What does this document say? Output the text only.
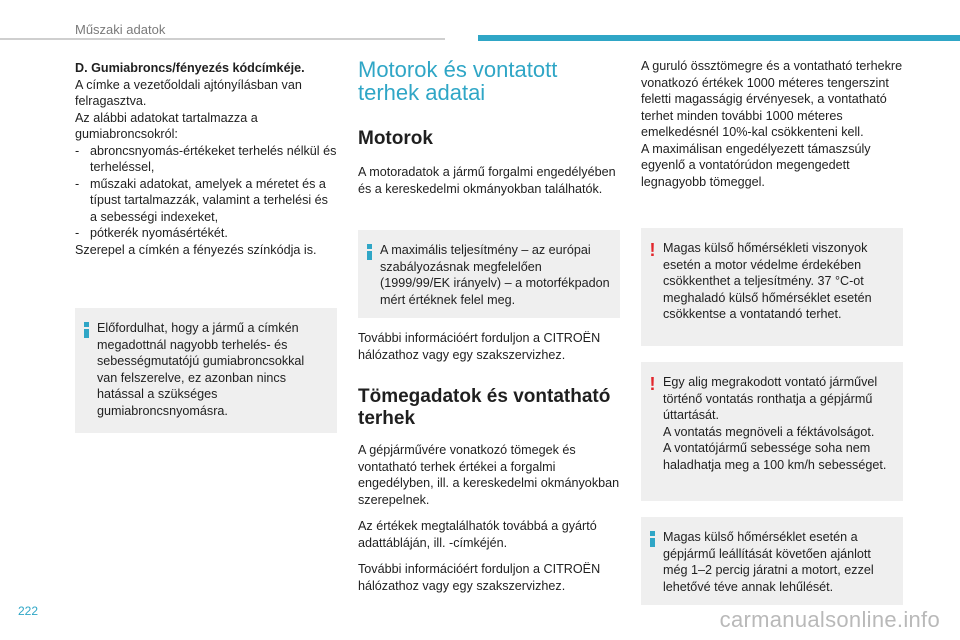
Műszaki adatok

D. Gumiabroncs/fényezés kódcímkéje.

A címke a vezetőoldali ajtónyílásban van felragasztva.

Az alábbi adatokat tartalmazza a gumiabroncsokról:

- abroncsnyomás-értékeket terhelés nélkül és terheléssel,
- műszaki adatokat, amelyek a méretet és a típust tartalmazzák, valamint a terhelési és a sebességi indexeket,
- pótkerék nyomásértékét.

Szerepel a címkén a fényezés színkódja is.

Előfordulhat, hogy a jármű a címkén megadottnál nagyobb terhelés- és sebességmutatójú gumiabroncsokkal van felszerelve, ez azonban nincs hatással a szükséges gumiabroncsnyomásra.

Motorok és vontatott terhek adatai
Motorok

A motoradatok a jármű forgalmi engedélyében és a kereskedelmi okmányokban találhatók.

A maximális teljesítmény – az európai szabályozásnak megfelelően (1999/99/EK irányelv) – a motorfékpadon mért értéknek felel meg.

További információért forduljon a CITROËN hálózathoz vagy egy szakszervizhez.

Tömegadatok és vontatható terhek

A gépjárművére vonatkozó tömegek és vontatható terhek értékei a forgalmi engedélyben, ill. a kereskedelmi okmányokban szerepelnek.

Az értékek megtalálhatók továbbá a gyártó adattábláján, ill. -címkéjén.

További információért forduljon a CITROËN hálózathoz vagy egy szakszervizhez.

A guruló össztömegre és a vontatható terhekre vonatkozó értékek 1000 méteres tengerszint feletti magasságig érvényesek, a vontatható terhet minden további 1000 méteres emelkedésnél 10%-kal csökkenteni kell.

A maximálisan engedélyezett támaszsúly egyenlő a vontatórúdon megengedett legnagyobb tömeggel.

! Magas külső hőmérsékleti viszonyok esetén a motor védelme érdekében csökkenthet a teljesítmény. 37 °C-ot meghaladó külső hőmérséklet esetén csökkentse a vontatandó terhet.

! Egy alig megrakodott vontató járművel történő vontatás ronthatja a gépjármű úttartását.

A vontatás megnöveli a féktávolságot.

A vontatójármű sebessége soha nem haladhatja meg a 100 km/h sebességet.

Magas külső hőmérséklet esetén a gépjármű leállítását követően ajánlott még 1–2 percig járatni a motort, ezzel lehetővé téve annak lehűlését.

222	carmanualsonline.info
